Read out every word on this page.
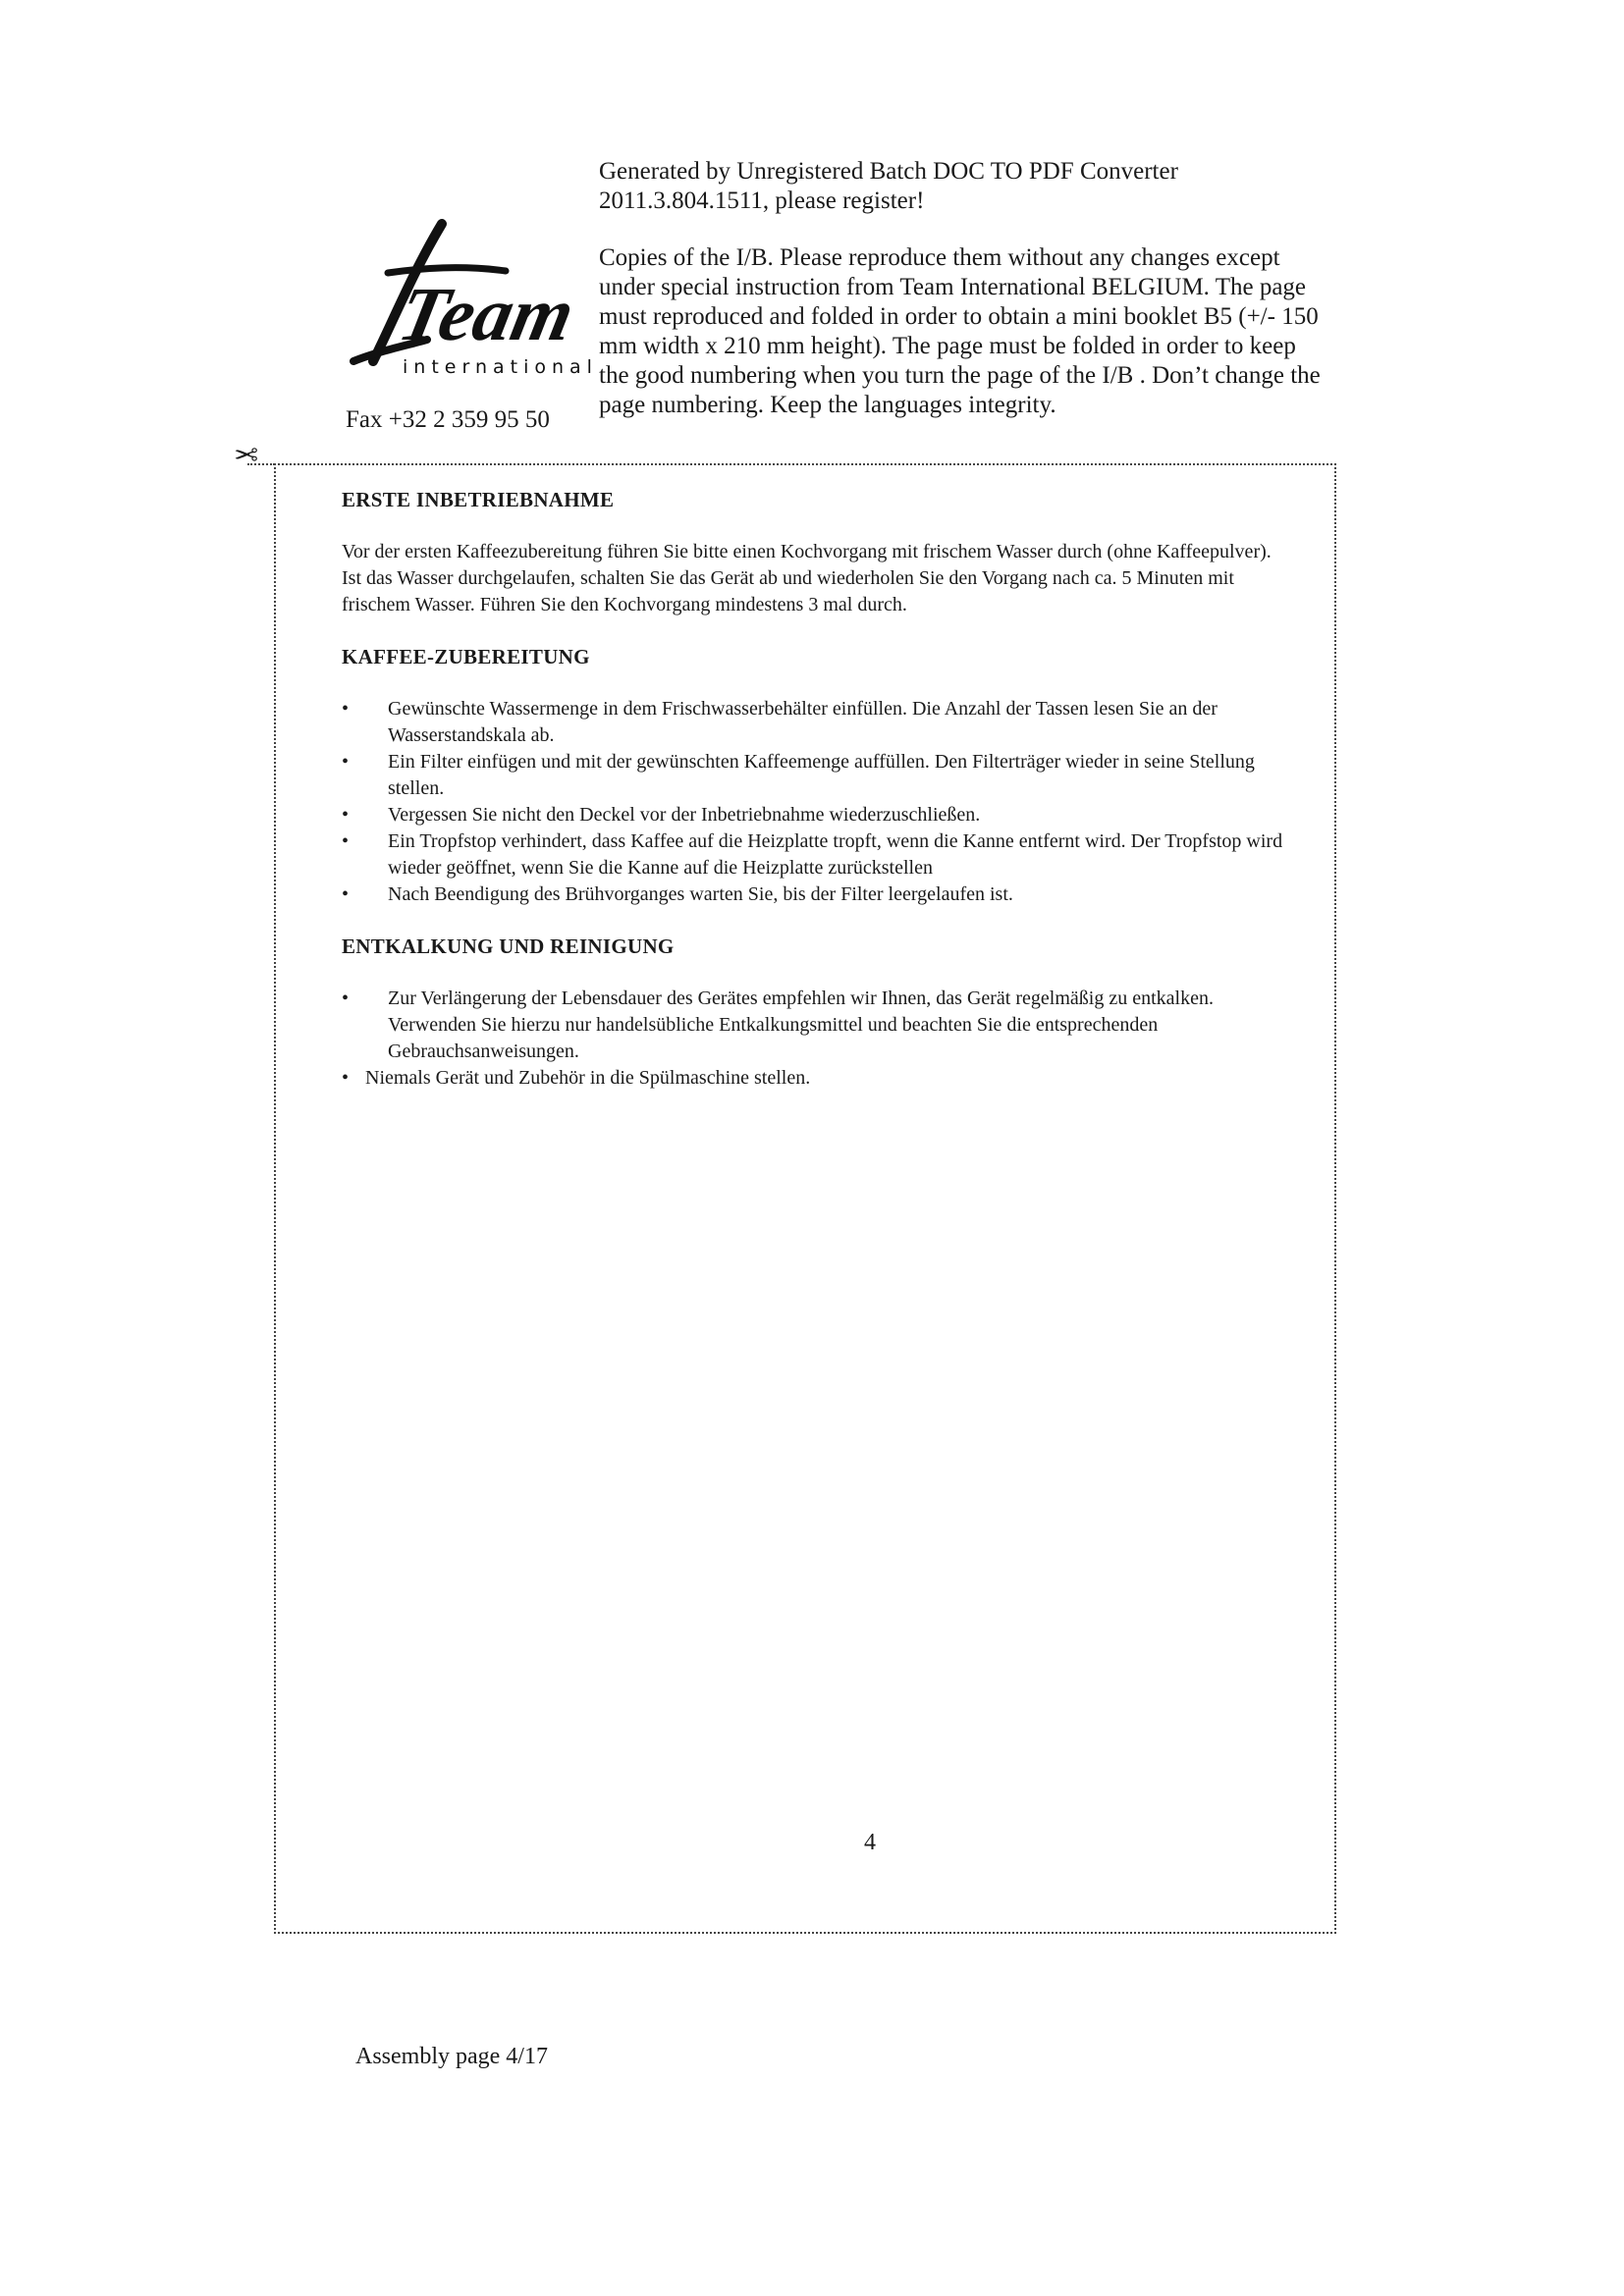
Team
international
Fax +32 2 359 95 50

Generated by Unregistered Batch DOC TO PDF Converter 2011.3.804.1511, please register!

Copies of the I/B. Please reproduce them without any changes except under special instruction from Team International BELGIUM. The page must reproduced and folded in order to obtain a mini booklet B5 (+/- 150 mm width x 210 mm height). The page must be folded in order to keep the good numbering when you turn the page of the I/B . Don’t change the page numbering. Keep the languages integrity.

✂
ERSTE INBETRIEBNAHME

Vor der ersten Kaffeezubereitung führen Sie bitte einen Kochvorgang mit frischem Wasser durch (ohne Kaffeepulver). Ist das Wasser durchgelaufen, schalten Sie das Gerät ab und wiederholen Sie den Vorgang nach ca. 5 Minuten mit frischem Wasser. Führen Sie den Kochvorgang mindestens 3 mal durch.

KAFFEE-ZUBEREITUNG
• Gewünschte Wassermenge in dem Frischwasserbehälter einfüllen. Die Anzahl der Tassen lesen Sie an der Wasserstandskala ab.
• Ein Filter einfügen und mit der gewünschten Kaffeemenge auffüllen. Den Filterträger wieder in seine Stellung stellen.
• Vergessen Sie nicht den Deckel vor der Inbetriebnahme wiederzuschließen.
• Ein Tropfstop verhindert, dass Kaffee auf die Heizplatte tropft, wenn die Kanne entfernt wird. Der Tropfstop wird wieder geöffnet, wenn Sie die Kanne auf die Heizplatte zurückstellen
• Nach Beendigung des Brühvorganges warten Sie, bis der Filter leergelaufen ist.
ENTKALKUNG UND REINIGUNG
• Zur Verlängerung der Lebensdauer des Gerätes empfehlen wir Ihnen, das Gerät regelmäßig zu entkalken. Verwenden Sie hierzu nur handelsübliche Entkalkungsmittel und beachten Sie die entsprechenden Gebrauchsanweisungen.
• Niemals Gerät und Zubehör in die Spülmaschine stellen.
4
Assembly page 4/17
